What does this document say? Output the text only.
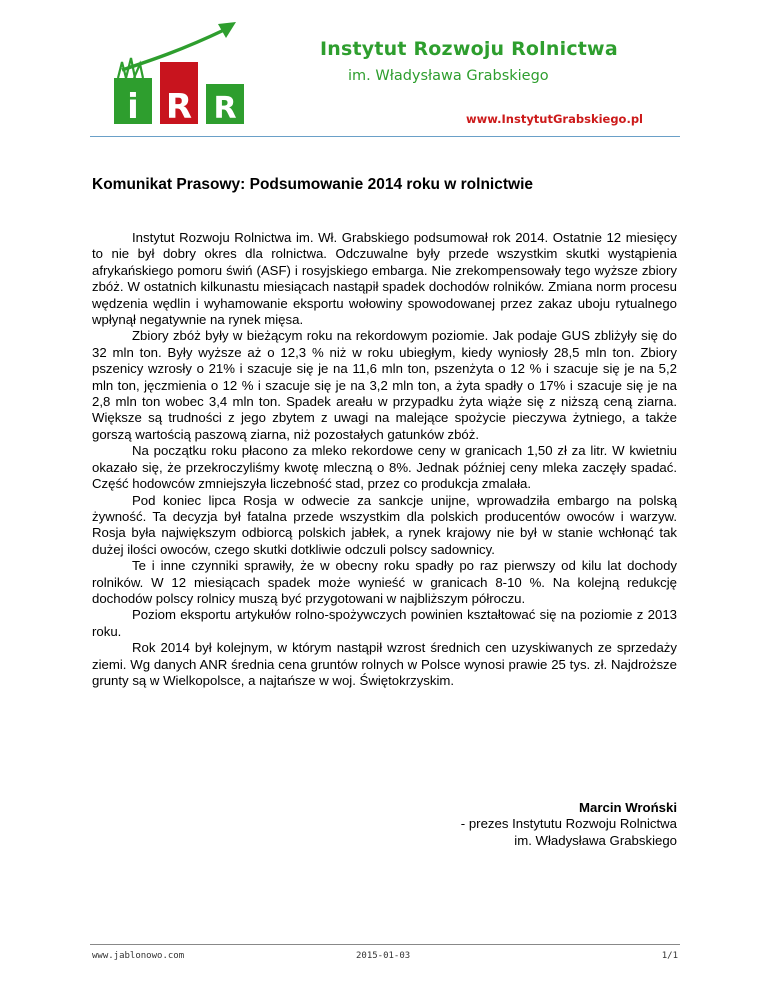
i R R
Instytut Rozwoju Rolnictwa
im. Władysława Grabskiego
www.InstytutGrabskiego.pl
Komunikat Prasowy: Podsumowanie 2014 roku w rolnictwie

Instytut Rozwoju Rolnictwa im. Wł. Grabskiego podsumował rok 2014. Ostatnie 12 miesięcy to nie był dobry okres dla rolnictwa. Odczuwalne były przede wszystkim skutki wystąpienia afrykańskiego pomoru świń (ASF) i rosyjskiego embarga. Nie zrekompensowały tego wyższe zbiory zbóż. W ostatnich kilkunastu miesiącach nastąpił spadek dochodów rolników. Zmiana norm procesu wędzenia wędlin i wyhamowanie eksportu wołowiny spowodowanej przez zakaz uboju rytualnego wpłynął negatywnie na rynek mięsa.

Zbiory zbóż były w bieżącym roku na rekordowym poziomie. Jak podaje GUS zbliżyły się do 32 mln ton. Były wyższe aż o 12,3 % niż w roku ubiegłym, kiedy wyniosły 28,5 mln ton. Zbiory pszenicy wzrosły o 21% i szacuje się je na 11,6 mln ton, pszenżyta o 12 % i szacuje się je na 5,2 mln ton, jęczmienia o 12 % i szacuje się je na 3,2 mln ton, a żyta spadły o 17% i szacuje się je na 2,8 mln ton wobec 3,4 mln ton. Spadek areału w przypadku żyta wiąże się z niższą ceną ziarna. Większe są trudności z jego zbytem z uwagi na malejące spożycie pieczywa żytniego, a także gorszą wartością paszową ziarna, niż pozostałych gatunków zbóż.

Na początku roku płacono za mleko rekordowe ceny w granicach 1,50 zł za litr. W kwietniu okazało się, że przekroczyliśmy kwotę mleczną o 8%. Jednak później ceny mleka zaczęły spadać. Część hodowców zmniejszyła liczebność stad, przez co produkcja zmalała.

Pod koniec lipca Rosja w odwecie za sankcje unijne, wprowadziła embargo na polską żywność. Ta decyzja był fatalna przede wszystkim dla polskich producentów owoców i warzyw. Rosja była największym odbiorcą polskich jabłek, a rynek krajowy nie był w stanie wchłonąć tak dużej ilości owoców, czego skutki dotkliwie odczuli polscy sadownicy.

Te i inne czynniki sprawiły, że w obecny roku spadły po raz pierwszy od kilu lat dochody rolników. W 12 miesiącach spadek może wynieść w granicach 8-10 %. Na kolejną redukcję dochodów polscy rolnicy muszą być przygotowani w najbliższym półroczu.

Poziom eksportu artykułów rolno-spożywczych powinien kształtować się na poziomie z 2013 roku.

Rok 2014 był kolejnym, w którym nastąpił wzrost średnich cen uzyskiwanych ze sprzedaży ziemi. Wg danych ANR średnia cena gruntów rolnych w Polsce wynosi prawie 25 tys. zł. Najdroższe grunty są w Wielkopolsce, a najtańsze w woj. Świętokrzyskim.

Marcin Wroński
- prezes Instytutu Rozwoju Rolnictwa
im. Władysława Grabskiego
www.jablonowo.com	2015-01-03	1/1
